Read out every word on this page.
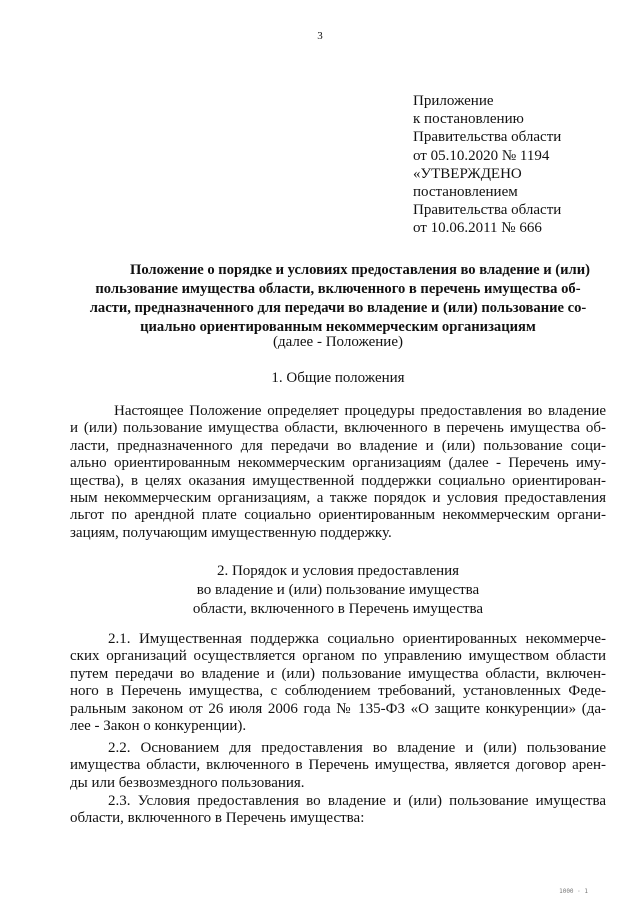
3
Приложение
к постановлению
Правительства области
от 05.10.2020 № 1194
«УТВЕРЖДЕНО
постановлением
Правительства области
от 10.06.2011 № 666
Положение о порядке и условиях предоставления во владение и (или)
пользование имущества области, включенного в перечень имущества об-
ласти, предназначенного для передачи во владение и (или) пользование со-
циально ориентированным некоммерческим организациям
(далее - Положение)
1. Общие положения
Настоящее Положение определяет процедуры предоставления во владение
и (или) пользование имущества области, включенного в перечень имущества об-
ласти, предназначенного для передачи во владение и (или) пользование соци-
ально ориентированным некоммерческим организациям (далее - Перечень иму-
щества), в целях оказания имущественной поддержки социально ориентирован-
ным некоммерческим организациям, а также порядок и условия предоставления
льгот по арендной плате социально ориентированным некоммерческим органи-
зациям, получающим имущественную поддержку.
2. Порядок и условия предоставления
во владение и (или) пользование имущества
области, включенного в Перечень имущества
2.1. Имущественная поддержка социально ориентированных некоммерче-
ских организаций осуществляется органом по управлению имуществом области
путем передачи во владение и (или) пользование имущества области, включен-
ного в Перечень имущества, с соблюдением требований, установленных Феде-
ральным законом от 26 июля 2006 года № 135-ФЗ «О защите конкуренции» (да-
лее - Закон о конкуренции).
2.2. Основанием для предоставления во владение и (или) пользование
имущества области, включенного в Перечень имущества, является договор арен-
ды или безвозмездного пользования.
2.3. Условия предоставления во владение и (или) пользование имущества
области, включенного в Перечень имущества:
1000 · 1
